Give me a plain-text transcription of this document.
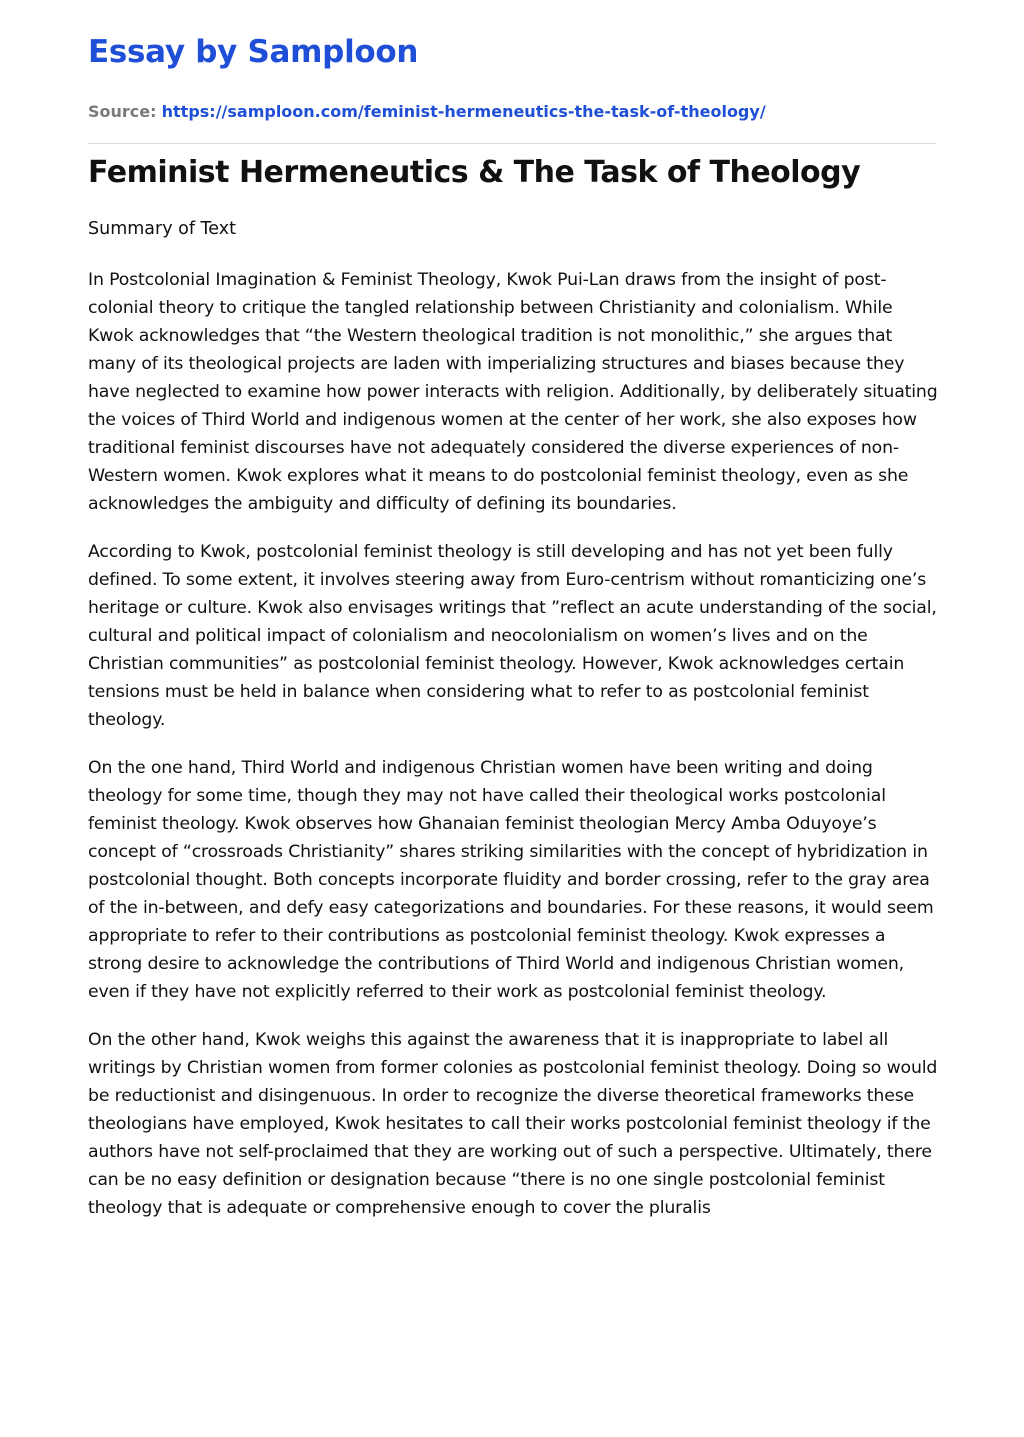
Essay by Samploon
Source: https://samploon.com/feminist-hermeneutics-the-task-of-theology/
Feminist Hermeneutics & The Task of Theology
Summary of Text

In Postcolonial Imagination & Feminist Theology, Kwok Pui-Lan draws from the insight of post-colonial theory to critique the tangled relationship between Christianity and colonialism. While Kwok acknowledges that “the Western theological tradition is not monolithic,” she argues that many of its theological projects are laden with imperializing structures and biases because they have neglected to examine how power interacts with religion. Additionally, by deliberately situating the voices of Third World and indigenous women at the center of her work, she also exposes how traditional feminist discourses have not adequately considered the diverse experiences of non-Western women. Kwok explores what it means to do postcolonial feminist theology, even as she acknowledges the ambiguity and difficulty of defining its boundaries.

According to Kwok, postcolonial feminist theology is still developing and has not yet been fully defined. To some extent, it involves steering away from Euro-centrism without romanticizing one’s heritage or culture. Kwok also envisages writings that ”reflect an acute understanding of the social, cultural and political impact of colonialism and neocolonialism on women’s lives and on the Christian communities” as postcolonial feminist theology. However, Kwok acknowledges certain tensions must be held in balance when considering what to refer to as postcolonial feminist theology.

On the one hand, Third World and indigenous Christian women have been writing and doing theology for some time, though they may not have called their theological works postcolonial feminist theology. Kwok observes how Ghanaian feminist theologian Mercy Amba Oduyoye’s concept of “crossroads Christianity” shares striking similarities with the concept of hybridization in postcolonial thought. Both concepts incorporate fluidity and border crossing, refer to the gray area of the in-between, and defy easy categorizations and boundaries. For these reasons, it would seem appropriate to refer to their contributions as postcolonial feminist theology. Kwok expresses a strong desire to acknowledge the contributions of Third World and indigenous Christian women, even if they have not explicitly referred to their work as postcolonial feminist theology.

On the other hand, Kwok weighs this against the awareness that it is inappropriate to label all writings by Christian women from former colonies as postcolonial feminist theology. Doing so would be reductionist and disingenuous. In order to recognize the diverse theoretical frameworks these theologians have employed, Kwok hesitates to call their works postcolonial feminist theology if the authors have not self-proclaimed that they are working out of such a perspective. Ultimately, there can be no easy definition or designation because “there is no one single postcolonial feminist theology that is adequate or comprehensive enough to cover the pluralis
